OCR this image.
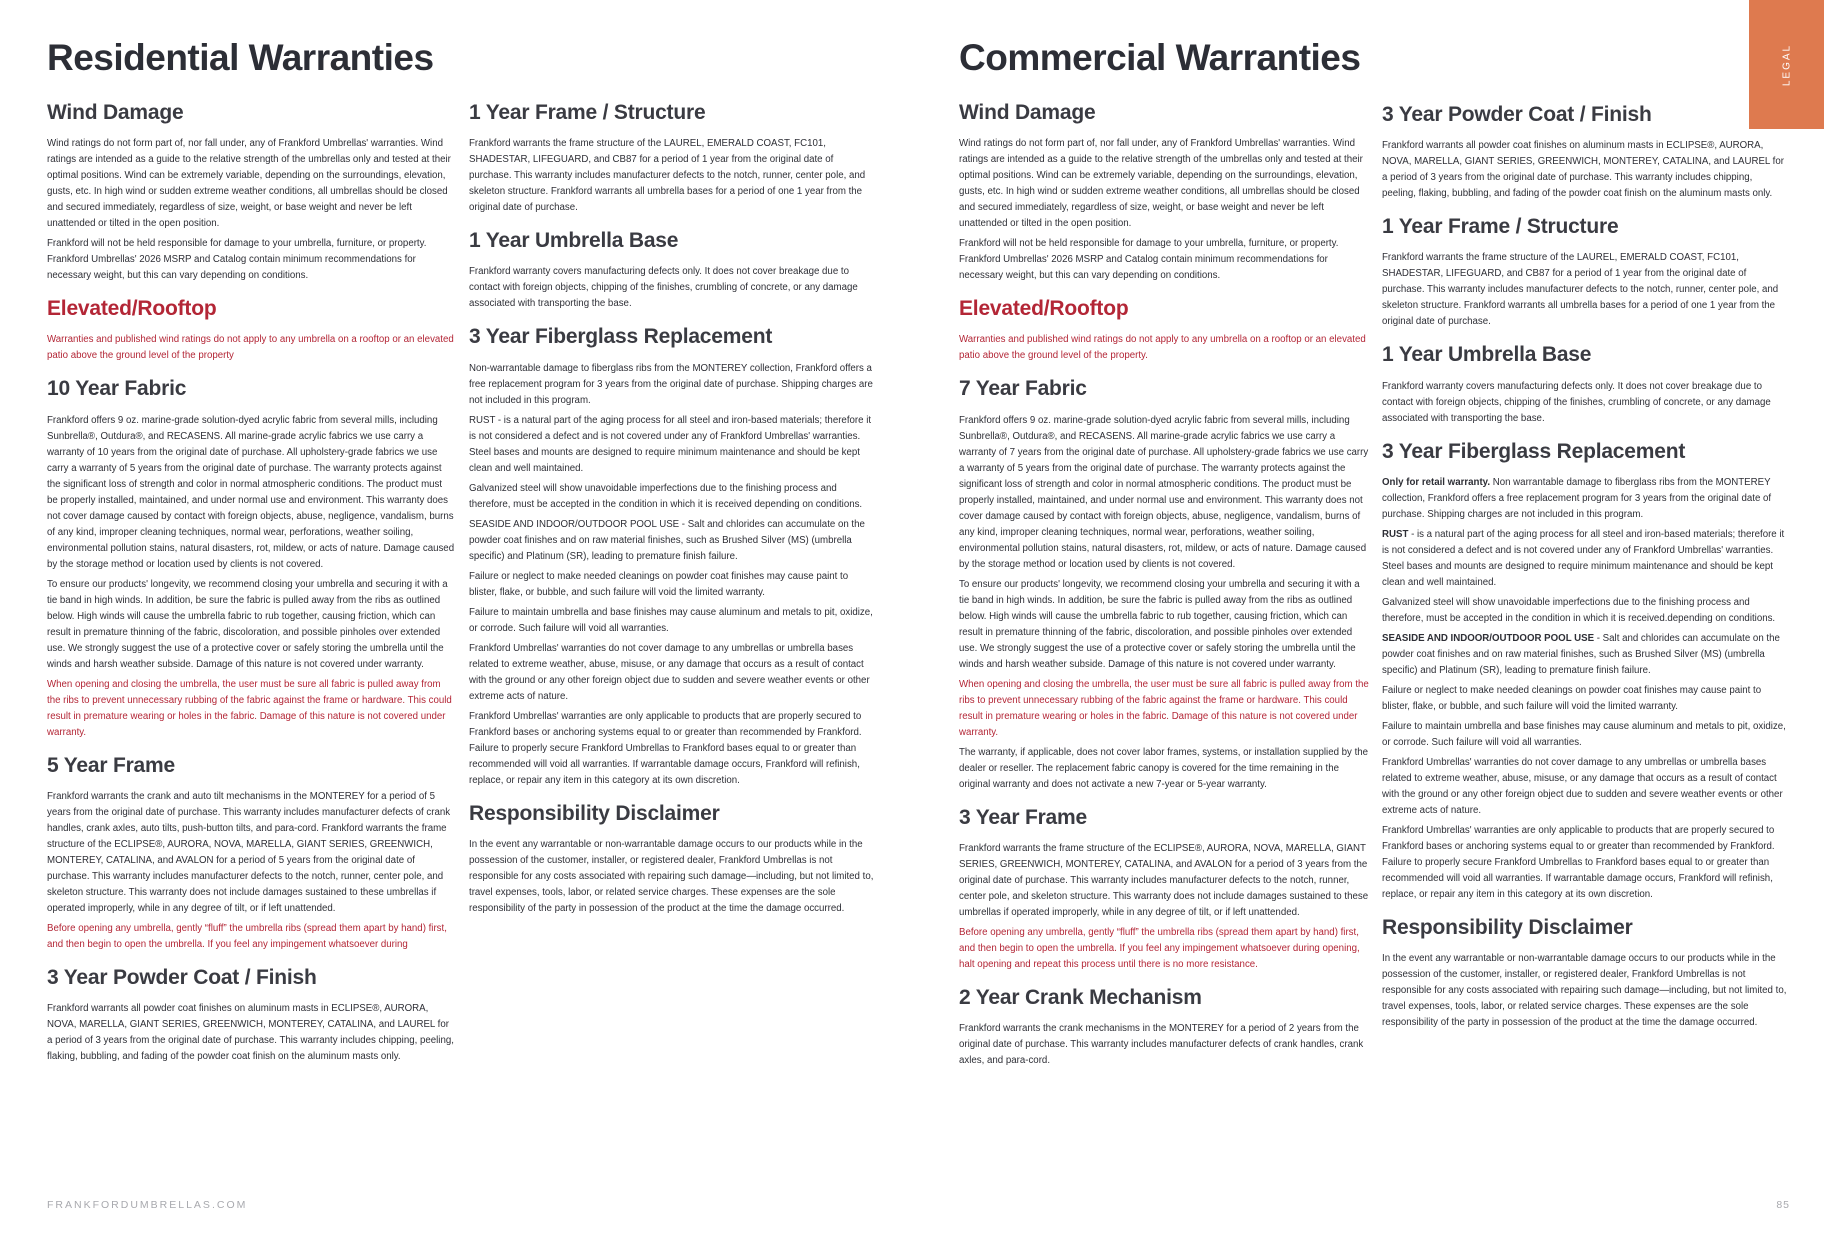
Residential Warranties	Commercial Warranties
Wind Damage

Wind ratings do not form part of, nor fall under, any of Frankford Umbrellas' warranties. Wind ratings are intended as a guide to the relative strength of the umbrellas only and tested at their optimal positions. Wind can be extremely variable, depending on the surroundings, elevation, gusts, etc. In high wind or sudden extreme weather conditions, all umbrellas should be closed and secured immediately, regardless of size, weight, or base weight and never be left unattended or tilted in the open position.

Frankford will not be held responsible for damage to your umbrella, furniture, or property. Frankford Umbrellas' 2026 MSRP and Catalog contain minimum recommendations for necessary weight, but this can vary depending on conditions.

Elevated/Rooftop

Warranties and published wind ratings do not apply to any umbrella on a rooftop or an elevated patio above the ground level of the property

10 Year Fabric

Frankford offers 9 oz. marine-grade solution-dyed acrylic fabric from several mills, including Sunbrella®, Outdura®, and RECASENS. All marine-grade acrylic fabrics we use carry a warranty of 10 years from the original date of purchase. All upholstery-grade fabrics we use carry a warranty of 5 years from the original date of purchase. The warranty protects against the significant loss of strength and color in normal atmospheric conditions. The product must be properly installed, maintained, and under normal use and environment. This warranty does not cover damage caused by contact with foreign objects, abuse, negligence, vandalism, burns of any kind, improper cleaning techniques, normal wear, perforations, weather soiling, environmental pollution stains, natural disasters, rot, mildew, or acts of nature. Damage caused by the storage method or location used by clients is not covered.

To ensure our products' longevity, we recommend closing your umbrella and securing it with a tie band in high winds. In addition, be sure the fabric is pulled away from the ribs as outlined below. High winds will cause the umbrella fabric to rub together, causing friction, which can result in premature thinning of the fabric, discoloration, and possible pinholes over extended use. We strongly suggest the use of a protective cover or safely storing the umbrella until the winds and harsh weather subside. Damage of this nature is not covered under warranty.

When opening and closing the umbrella, the user must be sure all fabric is pulled away from the ribs to prevent unnecessary rubbing of the fabric against the frame or hardware. This could result in premature wearing or holes in the fabric. Damage of this nature is not covered under warranty.

5 Year Frame

Frankford warrants the crank and auto tilt mechanisms in the MONTEREY for a period of 5 years from the original date of purchase. This warranty includes manufacturer defects of crank handles, crank axles, auto tilts, push-button tilts, and para-cord. Frankford warrants the frame structure of the ECLIPSE®, AURORA, NOVA, MARELLA, GIANT SERIES, GREENWICH, MONTEREY, CATALINA, and AVALON for a period of 5 years from the original date of purchase. This warranty includes manufacturer defects to the notch, runner, center pole, and skeleton structure. This warranty does not include damages sustained to these umbrellas if operated improperly, while in any degree of tilt, or if left unattended.

Before opening any umbrella, gently “fluff” the umbrella ribs (spread them apart by hand) first, and then begin to open the umbrella. If you feel any impingement whatsoever during

3 Year Powder Coat / Finish

Frankford warrants all powder coat finishes on aluminum masts in ECLIPSE®, AURORA, NOVA, MARELLA, GIANT SERIES, GREENWICH, MONTEREY, CATALINA, and LAUREL for a period of 3 years from the original date of purchase. This warranty includes chipping, peeling, flaking, bubbling, and fading of the powder coat finish on the aluminum masts only.

1 Year Frame / Structure

Frankford warrants the frame structure of the LAUREL, EMERALD COAST, FC101, SHADESTAR, LIFEGUARD, and CB87 for a period of 1 year from the original date of purchase. This warranty includes manufacturer defects to the notch, runner, center pole, and skeleton structure. Frankford warrants all umbrella bases for a period of one 1 year from the original date of purchase.

1 Year Umbrella Base

Frankford warranty covers manufacturing defects only. It does not cover breakage due to contact with foreign objects, chipping of the finishes, crumbling of concrete, or any damage associated with transporting the base.

3 Year Fiberglass Replacement

Non-warrantable damage to fiberglass ribs from the MONTEREY collection, Frankford offers a free replacement program for 3 years from the original date of purchase. Shipping charges are not included in this program.

RUST - is a natural part of the aging process for all steel and iron-based materials; therefore it is not considered a defect and is not covered under any of Frankford Umbrellas' warranties. Steel bases and mounts are designed to require minimum maintenance and should be kept clean and well maintained.

Galvanized steel will show unavoidable imperfections due to the finishing process and therefore, must be accepted in the condition in which it is received depending on conditions.

SEASIDE AND INDOOR/OUTDOOR POOL USE - Salt and chlorides can accumulate on the powder coat finishes and on raw material finishes, such as Brushed Silver (MS) (umbrella specific) and Platinum (SR), leading to premature finish failure.

Failure or neglect to make needed cleanings on powder coat finishes may cause paint to blister, flake, or bubble, and such failure will void the limited warranty.

Failure to maintain umbrella and base finishes may cause aluminum and metals to pit, oxidize, or corrode. Such failure will void all warranties.

Frankford Umbrellas' warranties do not cover damage to any umbrellas or umbrella bases related to extreme weather, abuse, misuse, or any damage that occurs as a result of contact with the ground or any other foreign object due to sudden and severe weather events or other extreme acts of nature.

Frankford Umbrellas' warranties are only applicable to products that are properly secured to Frankford bases or anchoring systems equal to or greater than recommended by Frankford. Failure to properly secure Frankford Umbrellas to Frankford bases equal to or greater than recommended will void all warranties. If warrantable damage occurs, Frankford will refinish, replace, or repair any item in this category at its own discretion.

Responsibility Disclaimer

In the event any warrantable or non-warrantable damage occurs to our products while in the possession of the customer, installer, or registered dealer, Frankford Umbrellas is not responsible for any costs associated with repairing such damage—including, but not limited to, travel expenses, tools, labor, or related service charges. These expenses are the sole responsibility of the party in possession of the product at the time the damage occurred.

Wind Damage

Wind ratings do not form part of, nor fall under, any of Frankford Umbrellas' warranties. Wind ratings are intended as a guide to the relative strength of the umbrellas only and tested at their optimal positions. Wind can be extremely variable, depending on the surroundings, elevation, gusts, etc. In high wind or sudden extreme weather conditions, all umbrellas should be closed and secured immediately, regardless of size, weight, or base weight and never be left unattended or tilted in the open position.

Frankford will not be held responsible for damage to your umbrella, furniture, or property. Frankford Umbrellas' 2026 MSRP and Catalog contain minimum recommendations for necessary weight, but this can vary depending on conditions.

Elevated/Rooftop

Warranties and published wind ratings do not apply to any umbrella on a rooftop or an elevated patio above the ground level of the property.

7 Year Fabric

Frankford offers 9 oz. marine-grade solution-dyed acrylic fabric from several mills, including Sunbrella®, Outdura®, and RECASENS. All marine-grade acrylic fabrics we use carry a warranty of 7 years from the original date of purchase. All upholstery-grade fabrics we use carry a warranty of 5 years from the original date of purchase. The warranty protects against the significant loss of strength and color in normal atmospheric conditions. The product must be properly installed, maintained, and under normal use and environment. This warranty does not cover damage caused by contact with foreign objects, abuse, negligence, vandalism, burns of any kind, improper cleaning techniques, normal wear, perforations, weather soiling, environmental pollution stains, natural disasters, rot, mildew, or acts of nature. Damage caused by the storage method or location used by clients is not covered.

To ensure our products' longevity, we recommend closing your umbrella and securing it with a tie band in high winds. In addition, be sure the fabric is pulled away from the ribs as outlined below. High winds will cause the umbrella fabric to rub together, causing friction, which can result in premature thinning of the fabric, discoloration, and possible pinholes over extended use. We strongly suggest the use of a protective cover or safely storing the umbrella until the winds and harsh weather subside. Damage of this nature is not covered under warranty.

When opening and closing the umbrella, the user must be sure all fabric is pulled away from the ribs to prevent unnecessary rubbing of the fabric against the frame or hardware. This could result in premature wearing or holes in the fabric. Damage of this nature is not covered under warranty.

The warranty, if applicable, does not cover labor frames, systems, or installation supplied by the dealer or reseller. The replacement fabric canopy is covered for the time remaining in the original warranty and does not activate a new 7-year or 5-year warranty.

3 Year Frame

Frankford warrants the frame structure of the ECLIPSE®, AURORA, NOVA, MARELLA, GIANT SERIES, GREENWICH, MONTEREY, CATALINA, and AVALON for a period of 3 years from the original date of purchase. This warranty includes manufacturer defects to the notch, runner, center pole, and skeleton structure. This warranty does not include damages sustained to these umbrellas if operated improperly, while in any degree of tilt, or if left unattended.

Before opening any umbrella, gently “fluff” the umbrella ribs (spread them apart by hand) first, and then begin to open the umbrella. If you feel any impingement whatsoever during opening, halt opening and repeat this process until there is no more resistance.

2 Year Crank Mechanism

Frankford warrants the crank mechanisms in the MONTEREY for a period of 2 years from the original date of purchase. This warranty includes manufacturer defects of crank handles, crank axles, and para-cord.

3 Year Powder Coat / Finish

Frankford warrants all powder coat finishes on aluminum masts in ECLIPSE®, AURORA, NOVA, MARELLA, GIANT SERIES, GREENWICH, MONTEREY, CATALINA, and LAUREL for a period of 3 years from the original date of purchase. This warranty includes chipping, peeling, flaking, bubbling, and fading of the powder coat finish on the aluminum masts only.

1 Year Frame / Structure

Frankford warrants the frame structure of the LAUREL, EMERALD COAST, FC101, SHADESTAR, LIFEGUARD, and CB87 for a period of 1 year from the original date of purchase. This warranty includes manufacturer defects to the notch, runner, center pole, and skeleton structure. Frankford warrants all umbrella bases for a period of one 1 year from the original date of purchase.

1 Year Umbrella Base

Frankford warranty covers manufacturing defects only. It does not cover breakage due to contact with foreign objects, chipping of the finishes, crumbling of concrete, or any damage associated with transporting the base.

3 Year Fiberglass Replacement

Only for retail warranty. Non warrantable damage to fiberglass ribs from the MONTEREY collection, Frankford offers a free replacement program for 3 years from the original date of purchase. Shipping charges are not included in this program.

RUST - is a natural part of the aging process for all steel and iron-based materials; therefore it is not considered a defect and is not covered under any of Frankford Umbrellas' warranties. Steel bases and mounts are designed to require minimum maintenance and should be kept clean and well maintained.

Galvanized steel will show unavoidable imperfections due to the finishing process and therefore, must be accepted in the condition in which it is received.depending on conditions.

SEASIDE AND INDOOR/OUTDOOR POOL USE - Salt and chlorides can accumulate on the powder coat finishes and on raw material finishes, such as Brushed Silver (MS) (umbrella specific) and Platinum (SR), leading to premature finish failure.

Failure or neglect to make needed cleanings on powder coat finishes may cause paint to blister, flake, or bubble, and such failure will void the limited warranty.

Failure to maintain umbrella and base finishes may cause aluminum and metals to pit, oxidize, or corrode. Such failure will void all warranties.

Frankford Umbrellas' warranties do not cover damage to any umbrellas or umbrella bases related to extreme weather, abuse, misuse, or any damage that occurs as a result of contact with the ground or any other foreign object due to sudden and severe weather events or other extreme acts of nature.

Frankford Umbrellas' warranties are only applicable to products that are properly secured to Frankford bases or anchoring systems equal to or greater than recommended by Frankford. Failure to properly secure Frankford Umbrellas to Frankford bases equal to or greater than recommended will void all warranties. If warrantable damage occurs, Frankford will refinish, replace, or repair any item in this category at its own discretion.

Responsibility Disclaimer

In the event any warrantable or non-warrantable damage occurs to our products while in the possession of the customer, installer, or registered dealer, Frankford Umbrellas is not responsible for any costs associated with repairing such damage—including, but not limited to, travel expenses, tools, labor, or related service charges. These expenses are the sole responsibility of the party in possession of the product at the time the damage occurred.

LEGAL
FRANKFORDUMBRELLAS.COM	85
